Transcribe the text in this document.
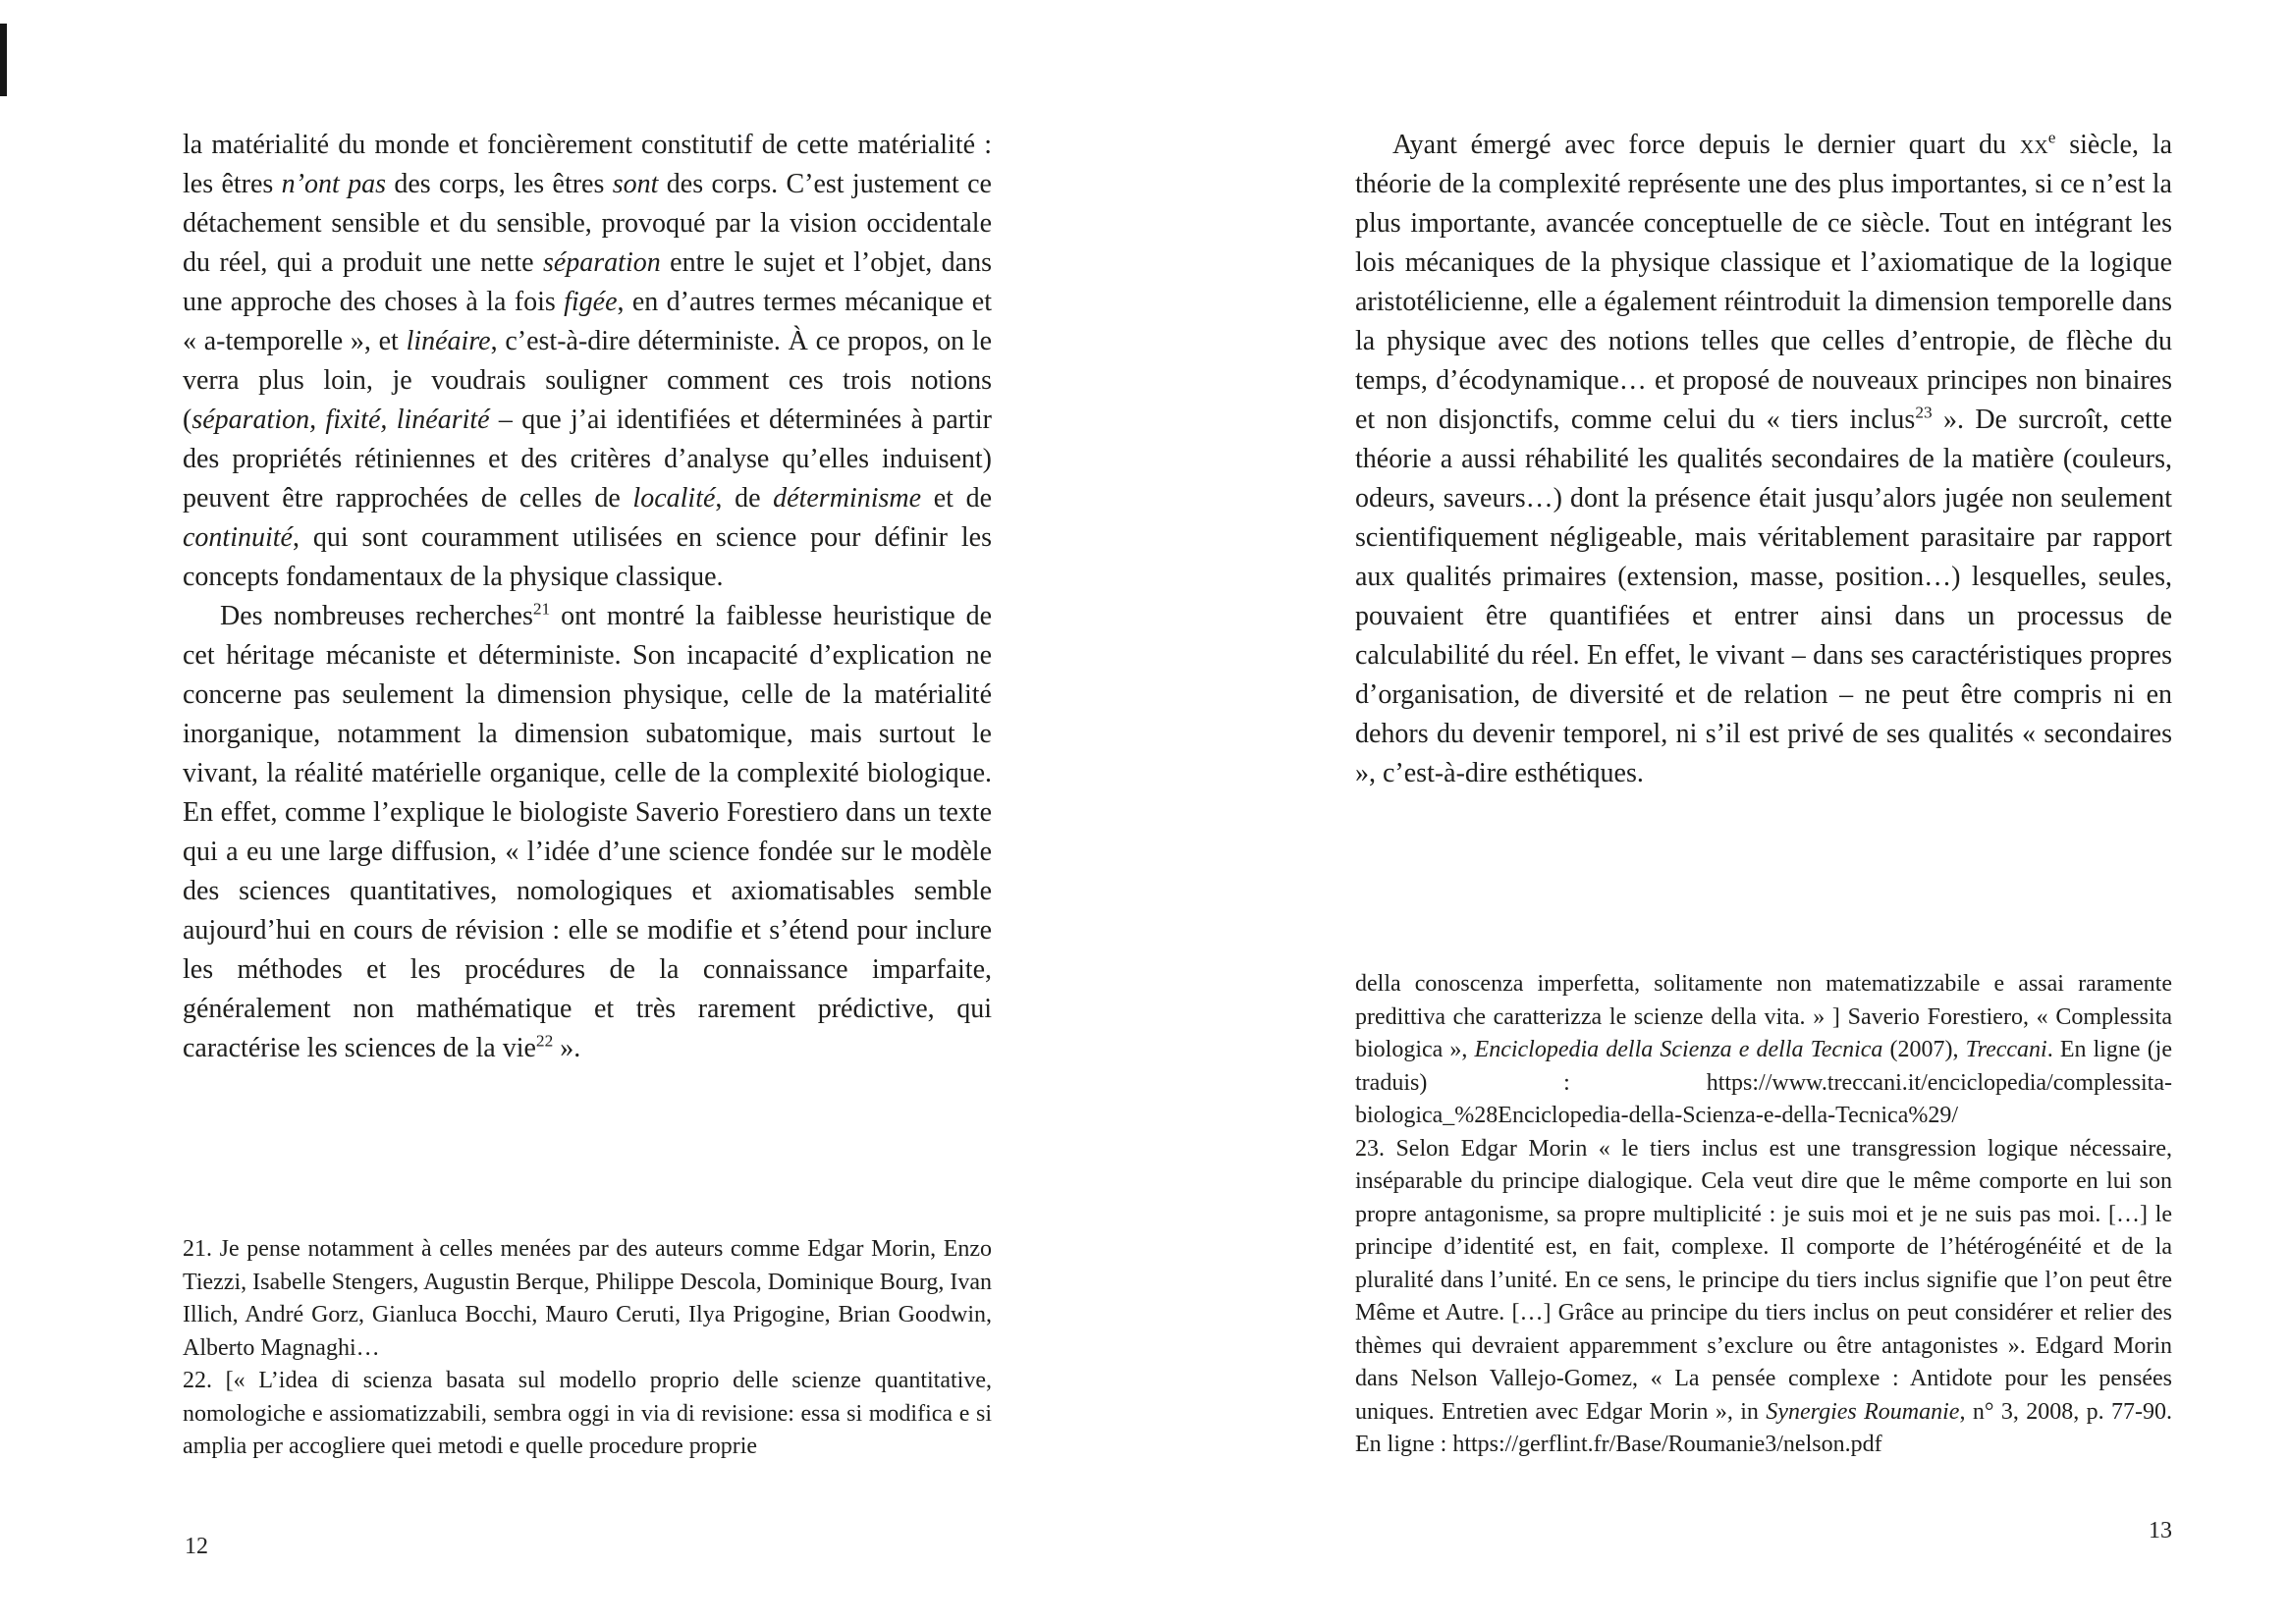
la matérialité du monde et foncièrement constitutif de cette matérialité : les êtres n’ont pas des corps, les êtres sont des corps. C’est justement ce détachement sensible et du sensible, provoqué par la vision occidentale du réel, qui a produit une nette séparation entre le sujet et l’objet, dans une approche des choses à la fois figée, en d’autres termes mécanique et « a-temporelle », et linéaire, c’est-à-dire déterministe. À ce propos, on le verra plus loin, je voudrais souligner comment ces trois notions (séparation, fixité, linéarité – que j’ai identifiées et déterminées à partir des propriétés rétiniennes et des critères d’analyse qu’elles induisent) peuvent être rapprochées de celles de localité, de déterminisme et de continuité, qui sont couramment utilisées en science pour définir les concepts fondamentaux de la physique classique.

Des nombreuses recherches$^{21}$ ont montré la faiblesse heuristique de cet héritage mécaniste et déterministe. Son incapacité d’explication ne concerne pas seulement la dimension physique, celle de la matérialité inorganique, notamment la dimension subatomique, mais surtout le vivant, la réalité matérielle organique, celle de la complexité biologique. En effet, comme l’explique le biologiste Saverio Forestiero dans un texte qui a eu une large diffusion, « l’idée d’une science fondée sur le modèle des sciences quantitatives, nomologiques et axiomatisables semble aujourd’hui en cours de révision : elle se modifie et s’étend pour inclure les méthodes et les procédures de la connaissance imparfaite, généralement non mathématique et très rarement prédictive, qui caractérise les sciences de la vie$^{22}$ ».

21. Je pense notamment à celles menées par des auteurs comme Edgar Morin, Enzo Tiezzi, Isabelle Stengers, Augustin Berque, Philippe Descola, Dominique Bourg, Ivan Illich, André Gorz, Gianluca Bocchi, Mauro Ceruti, Ilya Prigogine, Brian Goodwin, Alberto Magnaghi…

22. [« L’idea di scienza basata sul modello proprio delle scienze quantitative, nomologiche e assiomatizzabili, sembra oggi in via di revisione: essa si modifica e si amplia per accogliere quei metodi e quelle procedure proprie

12

Ayant émergé avec force depuis le dernier quart du $xx^e$ siècle, la théorie de la complexité représente une des plus importantes, si ce n’est la plus importante, avancée conceptuelle de ce siècle. Tout en intégrant les lois mécaniques de la physique classique et l’axiomatique de la logique aristotélicienne, elle a également réintroduit la dimension temporelle dans la physique avec des notions telles que celles d’entropie, de flèche du temps, d’écodynamique… et proposé de nouveaux principes non binaires et non disjonctifs, comme celui du « tiers inclus$^{23}$ ». De surcroît, cette théorie a aussi réhabilité les qualités secondaires de la matière (couleurs, odeurs, saveurs…) dont la présence était jusqu’alors jugée non seulement scientifiquement négligeable, mais véritablement parasitaire par rapport aux qualités primaires (extension, masse, position…) lesquelles, seules, pouvaient être quantifiées et entrer ainsi dans un processus de calculabilité du réel. En effet, le vivant – dans ses caractéristiques propres d’organisation, de diversité et de relation – ne peut être compris ni en dehors du devenir temporel, ni s’il est privé de ses qualités « secondaires », c’est-à-dire esthétiques.

della conoscenza imperfetta, solitamente non matematizzabile e assai raramente predittiva che caratterizza le scienze della vita. » ] Saverio Forestiero, « Complessita biologica », Enciclopedia della Scienza e della Tecnica (2007), Treccani. En ligne (je traduis) : https://www.treccani.it/enciclopedia/complessita-biologica_%28Enciclopedia-della-Scienza-e-della-Tecnica%29/

23. Selon Edgar Morin « le tiers inclus est une transgression logique nécessaire, inséparable du principe dialogique. Cela veut dire que le même comporte en lui son propre antagonisme, sa propre multiplicité : je suis moi et je ne suis pas moi. […] le principe d’identité est, en fait, complexe. Il comporte de l’hétérogénéité et de la pluralité dans l’unité. En ce sens, le principe du tiers inclus signifie que l’on peut être Même et Autre. […] Grâce au principe du tiers inclus on peut considérer et relier des thèmes qui devraient apparemment s’exclure ou être antagonistes ». Edgard Morin dans Nelson Vallejo-Gomez, « La pensée complexe : Antidote pour les pensées uniques. Entretien avec Edgar Morin », in Synergies Roumanie, n° 3, 2008, p. 77-90. En ligne : https://gerflint.fr/Base/Roumanie3/nelson.pdf

13
